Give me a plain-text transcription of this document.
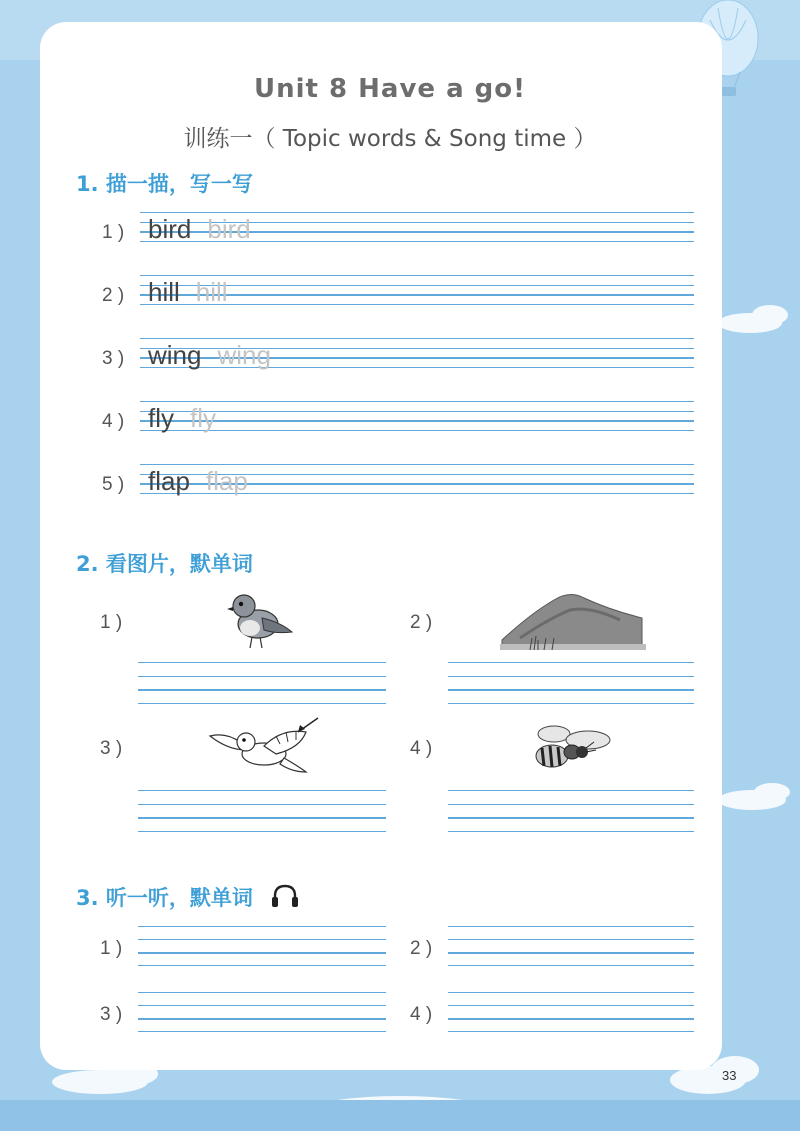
Unit 8 Have a go!
训练一（ Topic words & Song time ）
1. 描一描，写一写
1 ) bird bird
2 ) hill hill
3 ) wing wing
4 ) fly fly
5 ) flap flap
2. 看图片，默单词
1 )	2 )
3 )	4 )
3. 听一听，默单词
1 )	2 )
3 )	4 )
33
